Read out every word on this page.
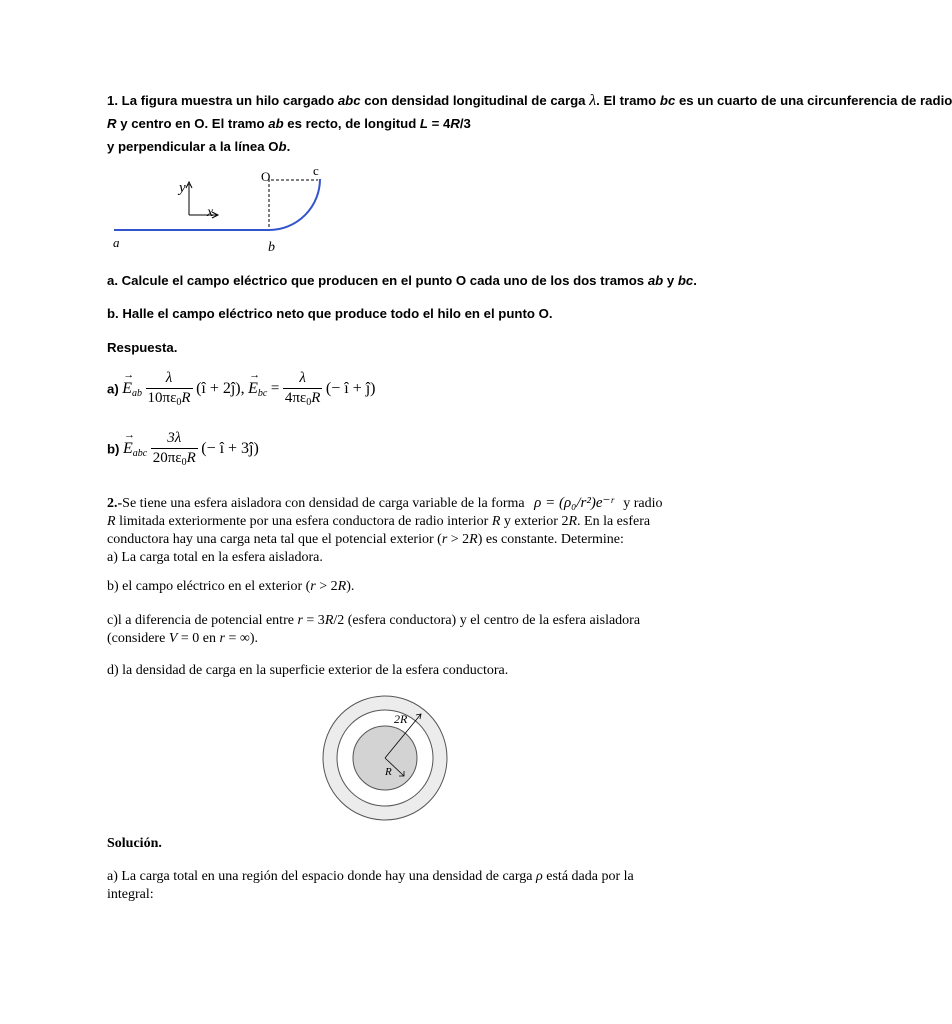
1. La figura muestra un hilo cargado abc con densidad longitudinal de carga λ. El tramo bc es un cuarto de una circunferencia de radio
R y centro en O. El tramo ab es recto, de longitud L = 4R/3
y perpendicular a la línea Ob.
y
x
O	c
a	b
a. Calcule el campo eléctrico que producen en el punto O cada uno de los dos tramos ab y bc.
b. Halle el campo eléctrico neto que produce todo el hilo en el punto O.
Respuesta.
a)
→
$E_{ab} \frac{\lambda}{10\pi\varepsilon_0R}$ (î + 2ĵ),
→
$E_{bc} = \frac{\lambda}{4\pi\varepsilon_0R}$ (− î + ĵ)
b)
→
$E_{abc} \frac{3\lambda}{20\pi\varepsilon_0R}$ (− î + 3ĵ)
2.-Se tiene una esfera aisladora con densidad de carga variable de la forma ρ = (ρ₀/r²)e⁻ʳ y radio
R limitada exteriormente por una esfera conductora de radio interior R y exterior 2R. En la esfera
conductora hay una carga neta tal que el potencial exterior (r > 2R) es constante. Determine:
a) La carga total en la esfera aisladora.
b) el campo eléctrico en el exterior (r > 2R).
c)l a diferencia de potencial entre r = 3R/2 (esfera conductora) y el centro de la esfera aisladora
(considere V = 0 en r = ∞).
d) la densidad de carga en la superficie exterior de la esfera conductora.
2R
R
Solución.
a) La carga total en una región del espacio donde hay una densidad de carga ρ está dada por la
integral:
